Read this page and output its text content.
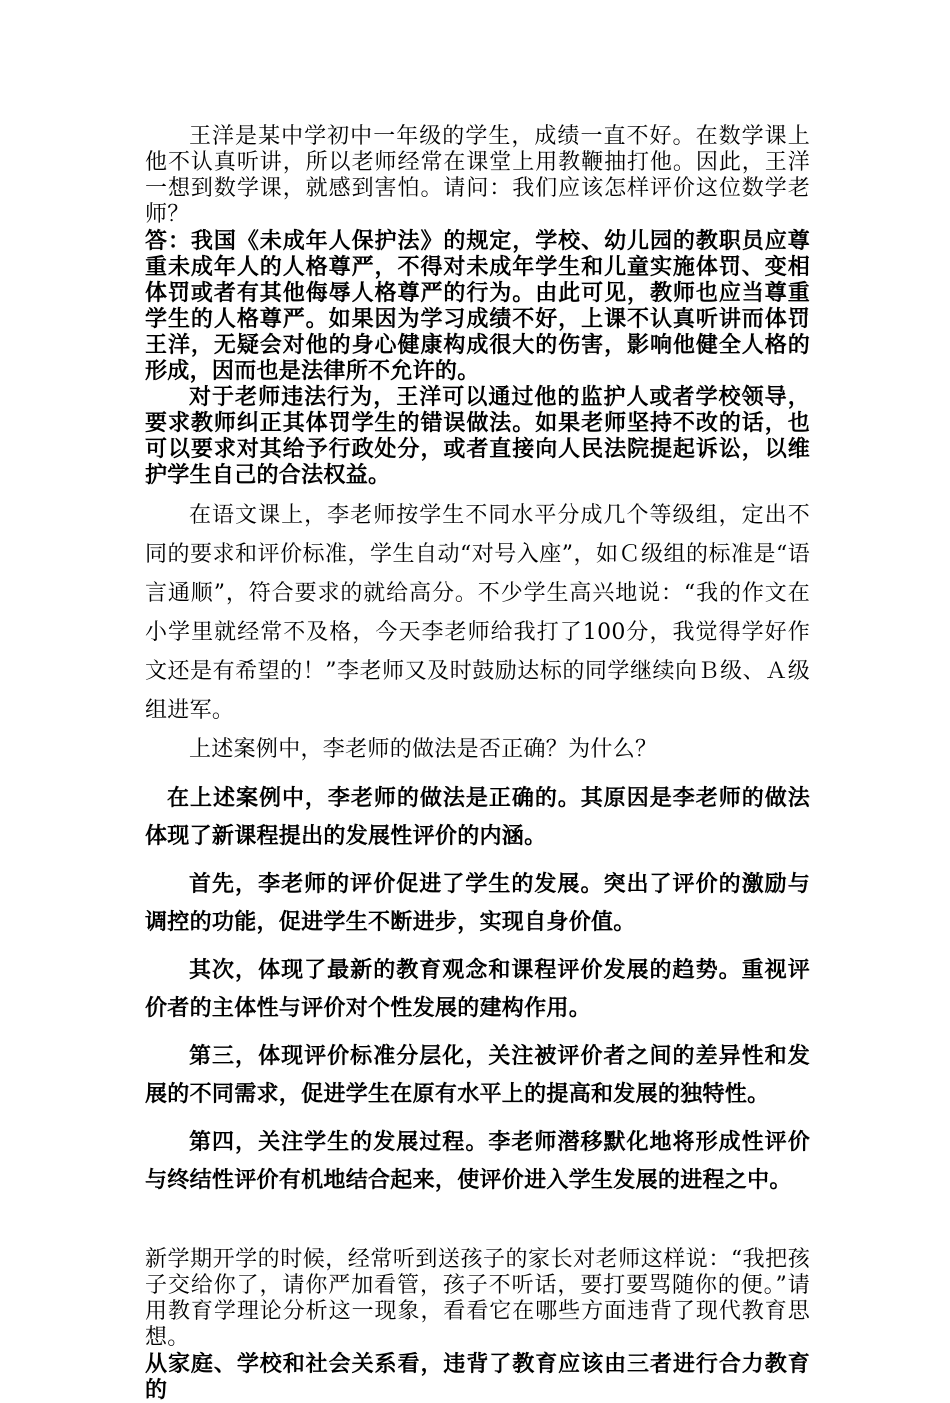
王洋是某中学初中一年级的学生，成绩一直不好。在数学课上他不认真听讲，所以老师经常在课堂上用教鞭抽打他。因此，王洋一想到数学课，就感到害怕。请问：我们应该怎样评价这位数学老师？

答：我国《未成年人保护法》的规定，学校、幼儿园的教职员应尊重未成年人的人格尊严，不得对未成年学生和儿童实施体罚、变相体罚或者有其他侮辱人格尊严的行为。由此可见，教师也应当尊重学生的人格尊严。如果因为学习成绩不好，上课不认真听讲而体罚王洋，无疑会对他的身心健康构成很大的伤害，影响他健全人格的形成，因而也是法律所不允许的。

对于老师违法行为，王洋可以通过他的监护人或者学校领导，要求教师纠正其体罚学生的错误做法。如果老师坚持不改的话，也可以要求对其给予行政处分，或者直接向人民法院提起诉讼，以维护学生自己的合法权益。

在语文课上，李老师按学生不同水平分成几个等级组，定出不同的要求和评价标准，学生自动“对号入座”，如Ｃ级组的标准是“语言通顺”，符合要求的就给高分。不少学生高兴地说：“我的作文在小学里就经常不及格，今天李老师给我打了100分，我觉得学好作文还是有希望的！”李老师又及时鼓励达标的同学继续向Ｂ级、Ａ级组进军。

上述案例中，李老师的做法是否正确？为什么？

在上述案例中，李老师的做法是正确的。其原因是李老师的做法体现了新课程提出的发展性评价的内涵。

首先，李老师的评价促进了学生的发展。突出了评价的激励与调控的功能，促进学生不断进步，实现自身价值。

其次，体现了最新的教育观念和课程评价发展的趋势。重视评价者的主体性与评价对个性发展的建构作用。

第三，体现评价标准分层化，关注被评价者之间的差异性和发展的不同需求，促进学生在原有水平上的提高和发展的独特性。

第四，关注学生的发展过程。李老师潜移默化地将形成性评价与终结性评价有机地结合起来，使评价进入学生发展的进程之中。

新学期开学的时候，经常听到送孩子的家长对老师这样说：“我把孩子交给你了，请你严加看管，孩子不听话，要打要骂随你的便。”请用教育学理论分析这一现象，看看它在哪些方面违背了现代教育思想。

从家庭、学校和社会关系看，违背了教育应该由三者进行合力教育的
